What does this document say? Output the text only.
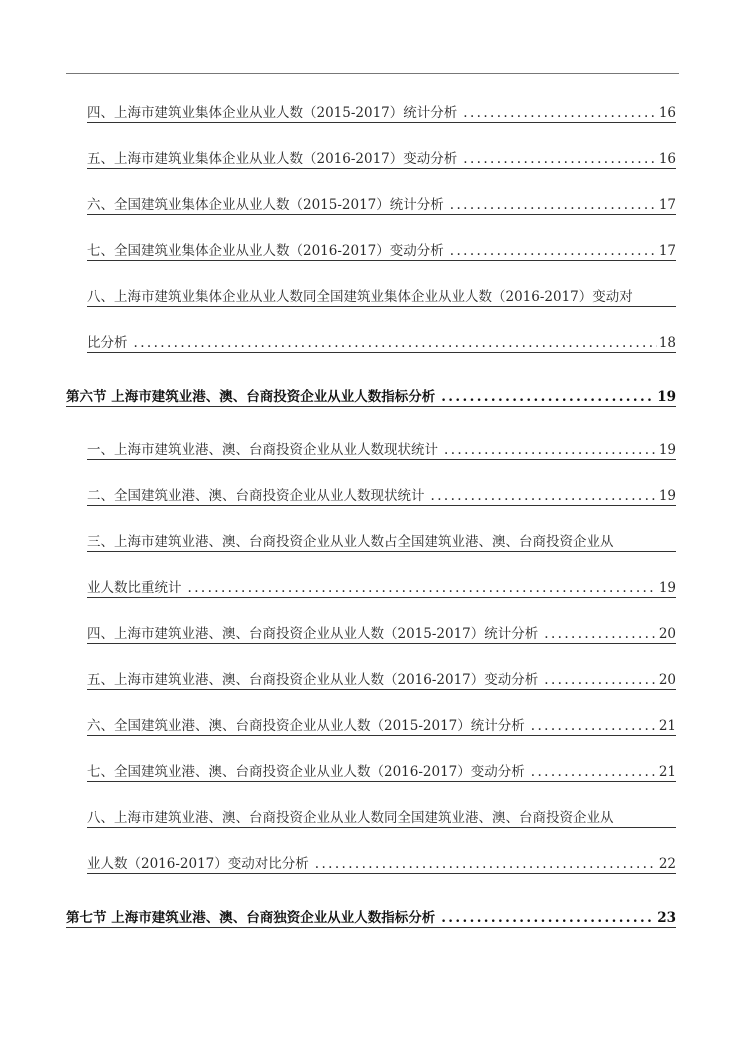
四、上海市建筑业集体企业从业人数（2015-2017）统计分析 .....	16
五、上海市建筑业集体企业从业人数（2016-2017）变动分析 .....	16
六、全国建筑业集体企业从业人数（2015-2017）统计分析 .....	17
七、全国建筑业集体企业从业人数（2016-2017）变动分析 .....	17
八、上海市建筑业集体企业从业人数同全国建筑业集体企业从业人数（2016-2017）变动对
比分析 .....	18
第六节 上海市建筑业港、澳、台商投资企业从业人数指标分析 .....	19
一、上海市建筑业港、澳、台商投资企业从业人数现状统计 .....	19
二、全国建筑业港、澳、台商投资企业从业人数现状统计 .....	19
三、上海市建筑业港、澳、台商投资企业从业人数占全国建筑业港、澳、台商投资企业从
业人数比重统计 .....	19
四、上海市建筑业港、澳、台商投资企业从业人数（2015-2017）统计分析 .....	20
五、上海市建筑业港、澳、台商投资企业从业人数（2016-2017）变动分析 .....	20
六、全国建筑业港、澳、台商投资企业从业人数（2015-2017）统计分析 .....	21
七、全国建筑业港、澳、台商投资企业从业人数（2016-2017）变动分析 .....	21
八、上海市建筑业港、澳、台商投资企业从业人数同全国建筑业港、澳、台商投资企业从
业人数（2016-2017）变动对比分析 .....	22
第七节 上海市建筑业港、澳、台商独资企业从业人数指标分析 .....	23
